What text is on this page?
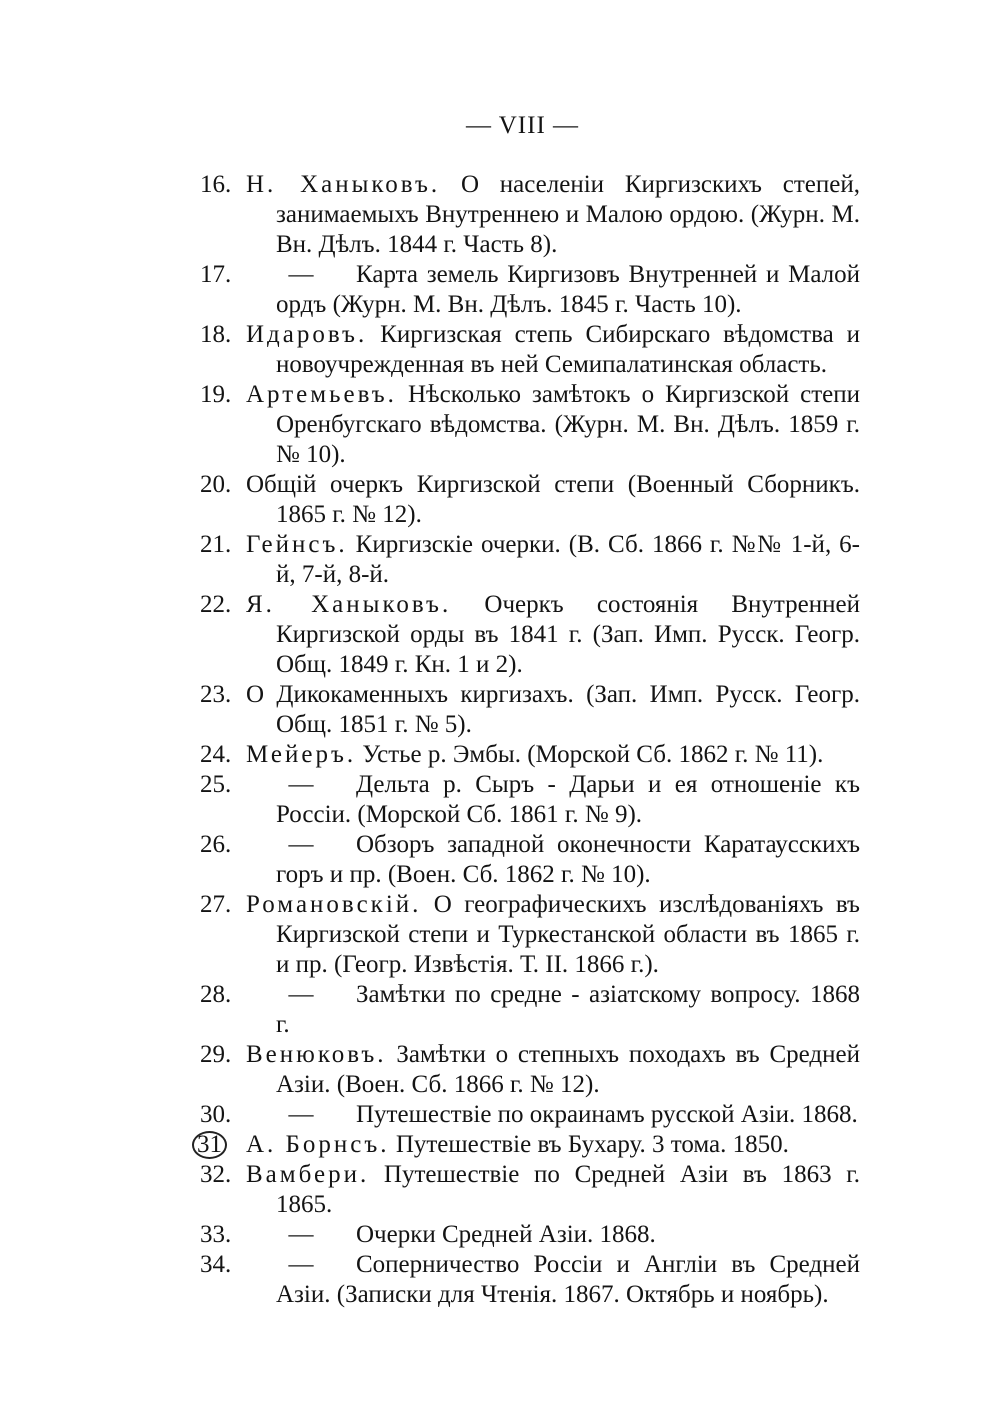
— VIII —
16. Н. Ханыковъ. О населеніи Киргизскихъ степей, занимаемыхъ Внутреннею и Малою ордою. (Журн. М. Вн. Дѣлъ. 1844 г. Часть 8).
17. — Карта земель Киргизовъ Внутренней и Малой ордъ (Журн. М. Вн. Дѣлъ. 1845 г. Часть 10).
18. Идаровъ. Киргизская степь Сибирскаго вѣдомства и новоучрежденная въ ней Семипалатинская область.
19. Артемьевъ. Нѣсколько замѣтокъ о Киргизской степи Оренбугскаго вѣдомства. (Журн. М. Вн. Дѣлъ. 1859 г. № 10).
20. Общій очеркъ Киргизской степи (Военный Сборникъ. 1865 г. № 12).
21. Гейнсъ. Киргизскіе очерки. (В. Сб. 1866 г. №№ 1-й, 6-й, 7-й, 8-й.
22. Я. Ханыковъ. Очеркъ состоянія Внутренней Киргизской орды въ 1841 г. (Зап. Имп. Русск. Геогр. Общ. 1849 г. Кн. 1 и 2).
23. О Дикокаменныхъ киргизахъ. (Зап. Имп. Русск. Геогр. Общ. 1851 г. № 5).
24. Мейеръ. Устье р. Эмбы. (Морской Сб. 1862 г. № 11).
25. — Дельта р. Сыръ - Дарьи и ея отношеніе къ Россіи. (Морской Сб. 1861 г. № 9).
26. — Обзоръ западной оконечности Каратаусскихъ горъ и пр. (Воен. Сб. 1862 г. № 10).
27. Романовскій. О географическихъ изслѣдованіяхъ въ Киргизской степи и Туркестанской области въ 1865 г. и пр. (Геогр. Извѣстія. Т. II. 1866 г.).
28. — Замѣтки по средне - азіатскому вопросу. 1868 г.
29. Венюковъ. Замѣтки о степныхъ походахъ въ Средней Азіи. (Воен. Сб. 1866 г. № 12).
30. — Путешествіе по окраинамъ русской Азіи. 1868.
31 А. Борнсъ. Путешествіе въ Бухару. 3 тома. 1850.
32. Вамбери. Путешествіе по Средней Азіи въ 1863 г. 1865.
33. — Очерки Средней Азіи. 1868.
34. — Соперничество Россіи и Англіи въ Средней Азіи. (Записки для Чтенія. 1867. Октябрь и ноябрь).
